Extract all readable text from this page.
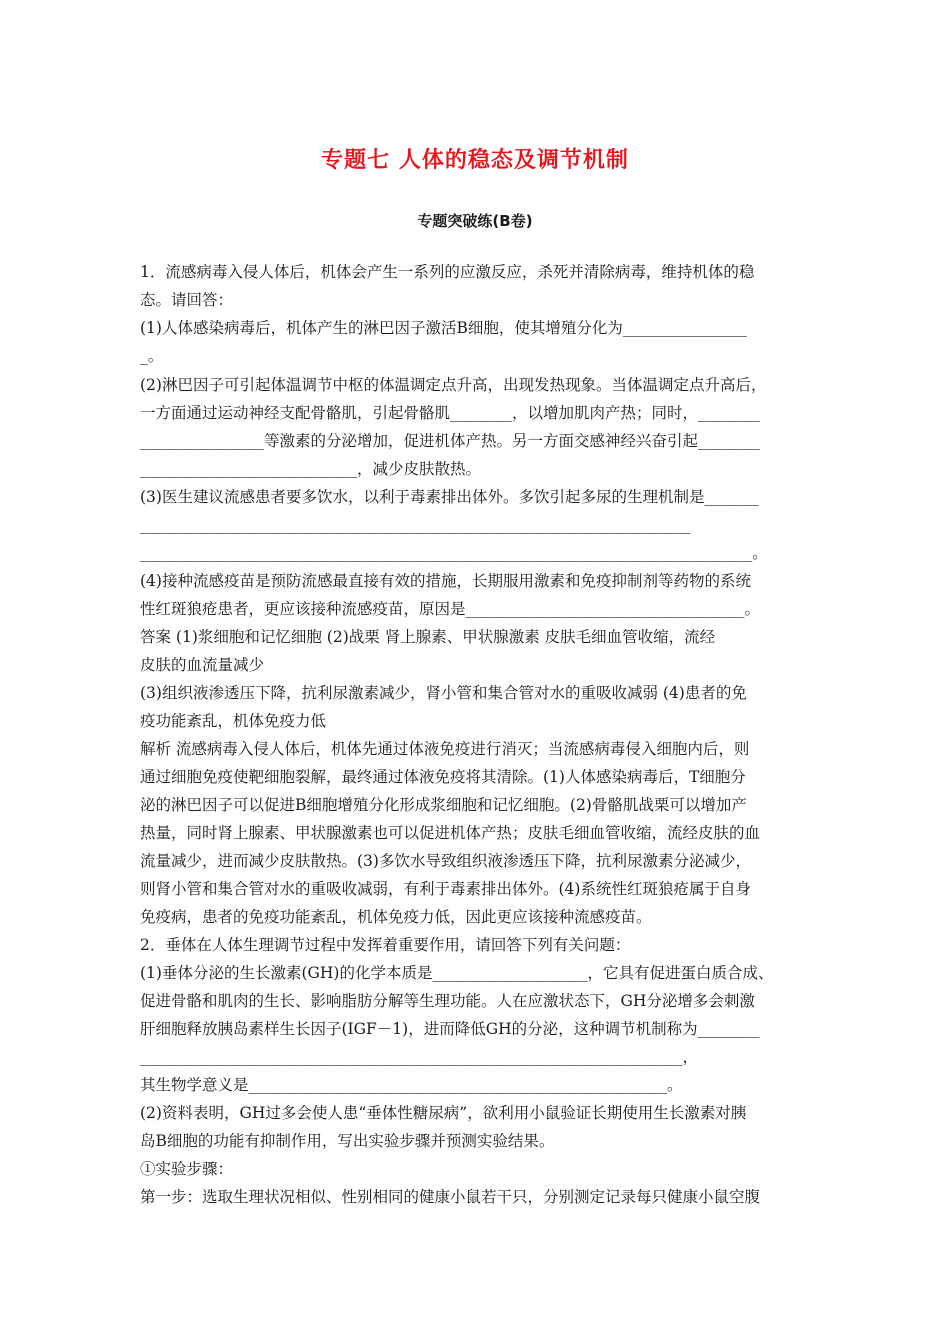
专题七 人体的稳态及调节机制
专题突破练(B卷)
1．流感病毒入侵人体后，机体会产生一系列的应激反应，杀死并清除病毒，维持机体的稳
态。请回答：
(1)人体感染病毒后，机体产生的淋巴因子激活B细胞，使其增殖分化为________________
_。
(2)淋巴因子可引起体温调节中枢的体温调定点升高，出现发热现象。当体温调定点升高后，
一方面通过运动神经支配骨骼肌，引起骨骼肌________，以增加肌肉产热；同时，________
________________等激素的分泌增加，促进机体产热。另一方面交感神经兴奋引起________
____________________________，减少皮肤散热。
(3)医生建议流感患者要多饮水，以利于毒素排出体外。多饮引起多尿的生理机制是_______
_______________________________________________________________________
_______________________________________________________________________________。
(4)接种流感疫苗是预防流感最直接有效的措施，长期服用激素和免疫抑制剂等药物的系统
性红斑狼疮患者，更应该接种流感疫苗，原因是____________________________________。
答案 (1)浆细胞和记忆细胞 (2)战栗 肾上腺素、甲状腺激素 皮肤毛细血管收缩，流经
皮肤的血流量减少
(3)组织液渗透压下降，抗利尿激素减少，肾小管和集合管对水的重吸收减弱 (4)患者的免
疫功能紊乱，机体免疫力低
解析 流感病毒入侵人体后，机体先通过体液免疫进行消灭；当流感病毒侵入细胞内后，则
通过细胞免疫使靶细胞裂解，最终通过体液免疫将其清除。(1)人体感染病毒后，T细胞分
泌的淋巴因子可以促进B细胞增殖分化形成浆细胞和记忆细胞。(2)骨骼肌战栗可以增加产
热量，同时肾上腺素、甲状腺激素也可以促进机体产热；皮肤毛细血管收缩，流经皮肤的血
流量减少，进而减少皮肤散热。(3)多饮水导致组织液渗透压下降，抗利尿激素分泌减少，
则肾小管和集合管对水的重吸收减弱，有利于毒素排出体外。(4)系统性红斑狼疮属于自身
免疫病，患者的免疫功能紊乱，机体免疫力低，因此更应该接种流感疫苗。
2．垂体在人体生理调节过程中发挥着重要作用，请回答下列有关问题：
(1)垂体分泌的生长激素(GH)的化学本质是____________________，它具有促进蛋白质合成、
促进骨骼和肌肉的生长、影响脂肪分解等生理功能。人在应激状态下，GH分泌增多会刺激
肝细胞释放胰岛素样生长因子(IGF－1)，进而降低GH的分泌，这种调节机制称为________
______________________________________________________________________，
其生物学意义是______________________________________________________。
(2)资料表明，GH过多会使人患“垂体性糖尿病”，欲利用小鼠验证长期使用生长激素对胰
岛B细胞的功能有抑制作用，写出实验步骤并预测实验结果。
①实验步骤：
第一步：选取生理状况相似、性别相同的健康小鼠若干只，分别测定记录每只健康小鼠空腹
